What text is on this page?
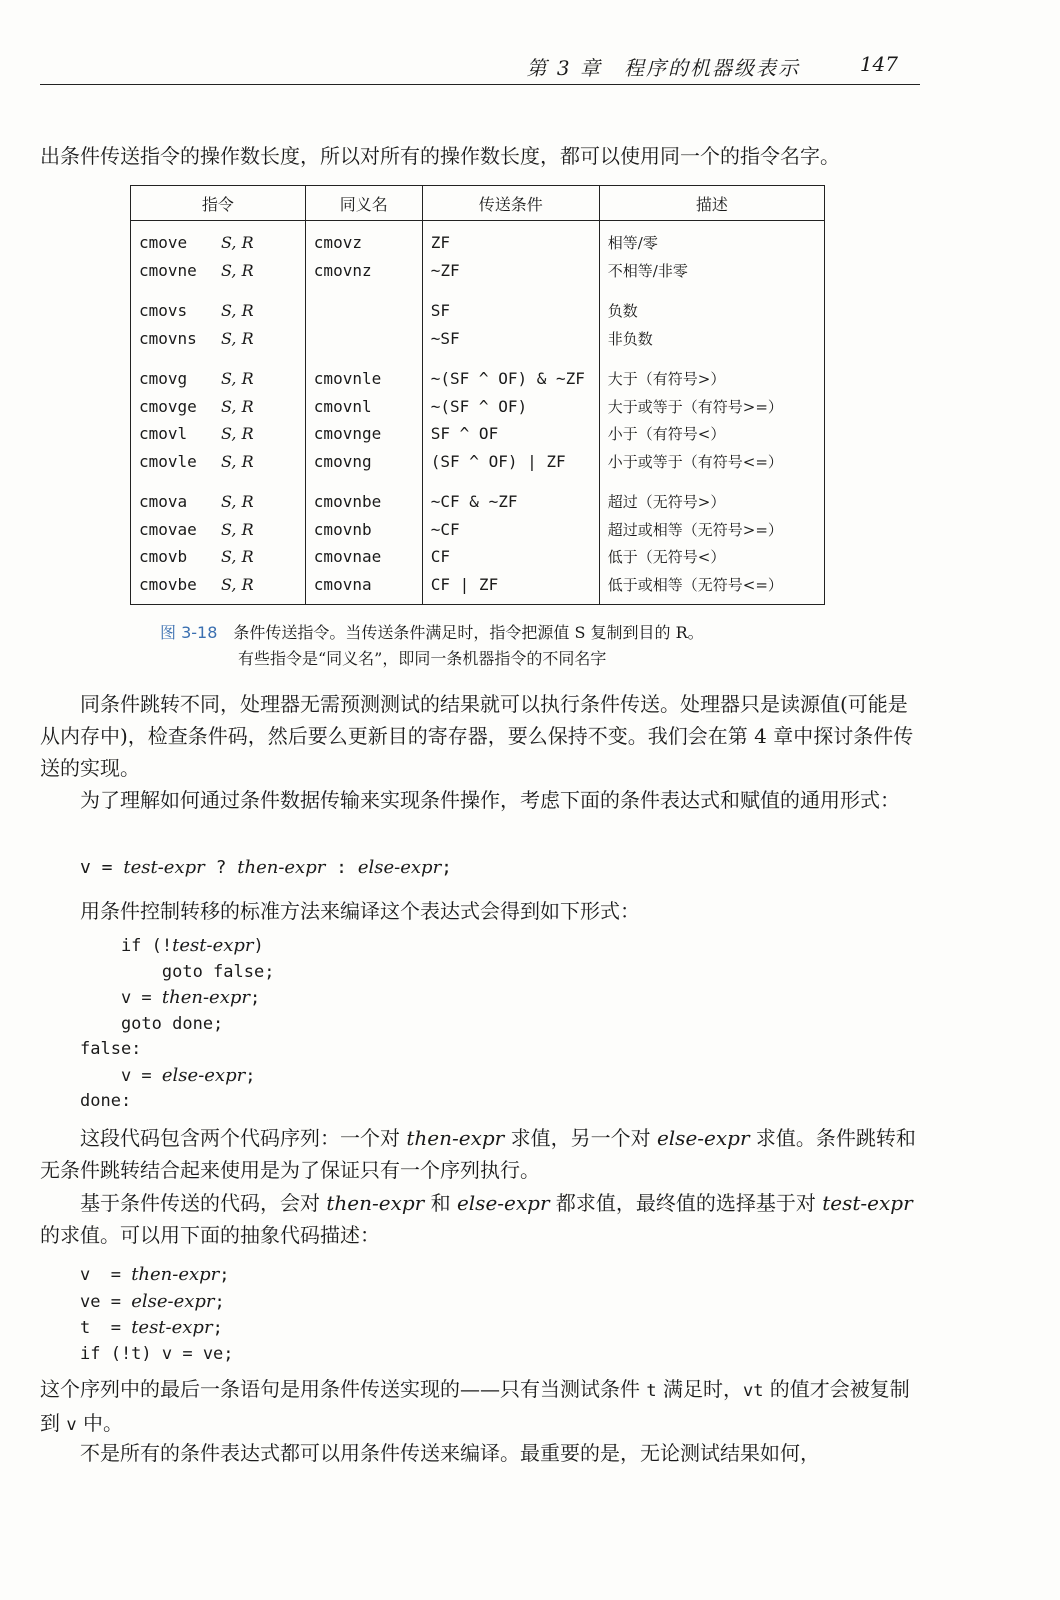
第 3 章　程序的机器级表示	147

出条件传送指令的操作数长度，所以对所有的操作数长度，都可以使用同一个的指令名字。

指令	同义名	传送条件	描述
cmove S, R	cmovz	ZF	相等/零
cmovne S, R	cmovnz	~ZF	不相等/非零

cmovs S, R		SF	负数
cmovns S, R		~SF	非负数

cmovg S, R	cmovnle	~(SF ^ OF) & ~ZF	大于（有符号>）
cmovge S, R	cmovnl	~(SF ^ OF)	大于或等于（有符号>=）
cmovl S, R	cmovnge	SF ^ OF	小于（有符号<）
cmovle S, R	cmovng	(SF ^ OF) | ZF	小于或等于（有符号<=）

cmova S, R	cmovnbe	~CF & ~ZF	超过（无符号>）
cmovae S, R	cmovnb	~CF	超过或相等（无符号>=）
cmovb S, R	cmovnae	CF	低于（无符号<）
cmovbe S, R	cmovna	CF | ZF	低于或相等（无符号<=）
图 3-18 条件传送指令。当传送条件满足时，指令把源值 S 复制到目的 R。
有些指令是“同义名”，即同一条机器指令的不同名字

同条件跳转不同，处理器无需预测测试的结果就可以执行条件传送。处理器只是读源值(可能是从内存中)，检查条件码，然后要么更新目的寄存器，要么保持不变。我们会在第 4 章中探讨条件传送的实现。

为了理解如何通过条件数据传输来实现条件操作，考虑下面的条件表达式和赋值的通用形式：

v = test-expr ? then-expr : else-expr;

用条件控制转移的标准方法来编译这个表达式会得到如下形式：

if (!test-expr)
goto false;
v = then-expr;
goto done;
false:
v = else-expr;
done:

这段代码包含两个代码序列：一个对 then-expr 求值，另一个对 else-expr 求值。条件跳转和无条件跳转结合起来使用是为了保证只有一个序列执行。

基于条件传送的代码，会对 then-expr 和 else-expr 都求值，最终值的选择基于对 test-expr 的求值。可以用下面的抽象代码描述：

v  = then-expr;
ve = else-expr;
t  = test-expr;
if (!t) v = ve;

这个序列中的最后一条语句是用条件传送实现的——只有当测试条件 t 满足时，vt 的值才会被复制到 v 中。

不是所有的条件表达式都可以用条件传送来编译。最重要的是，无论测试结果如何，
